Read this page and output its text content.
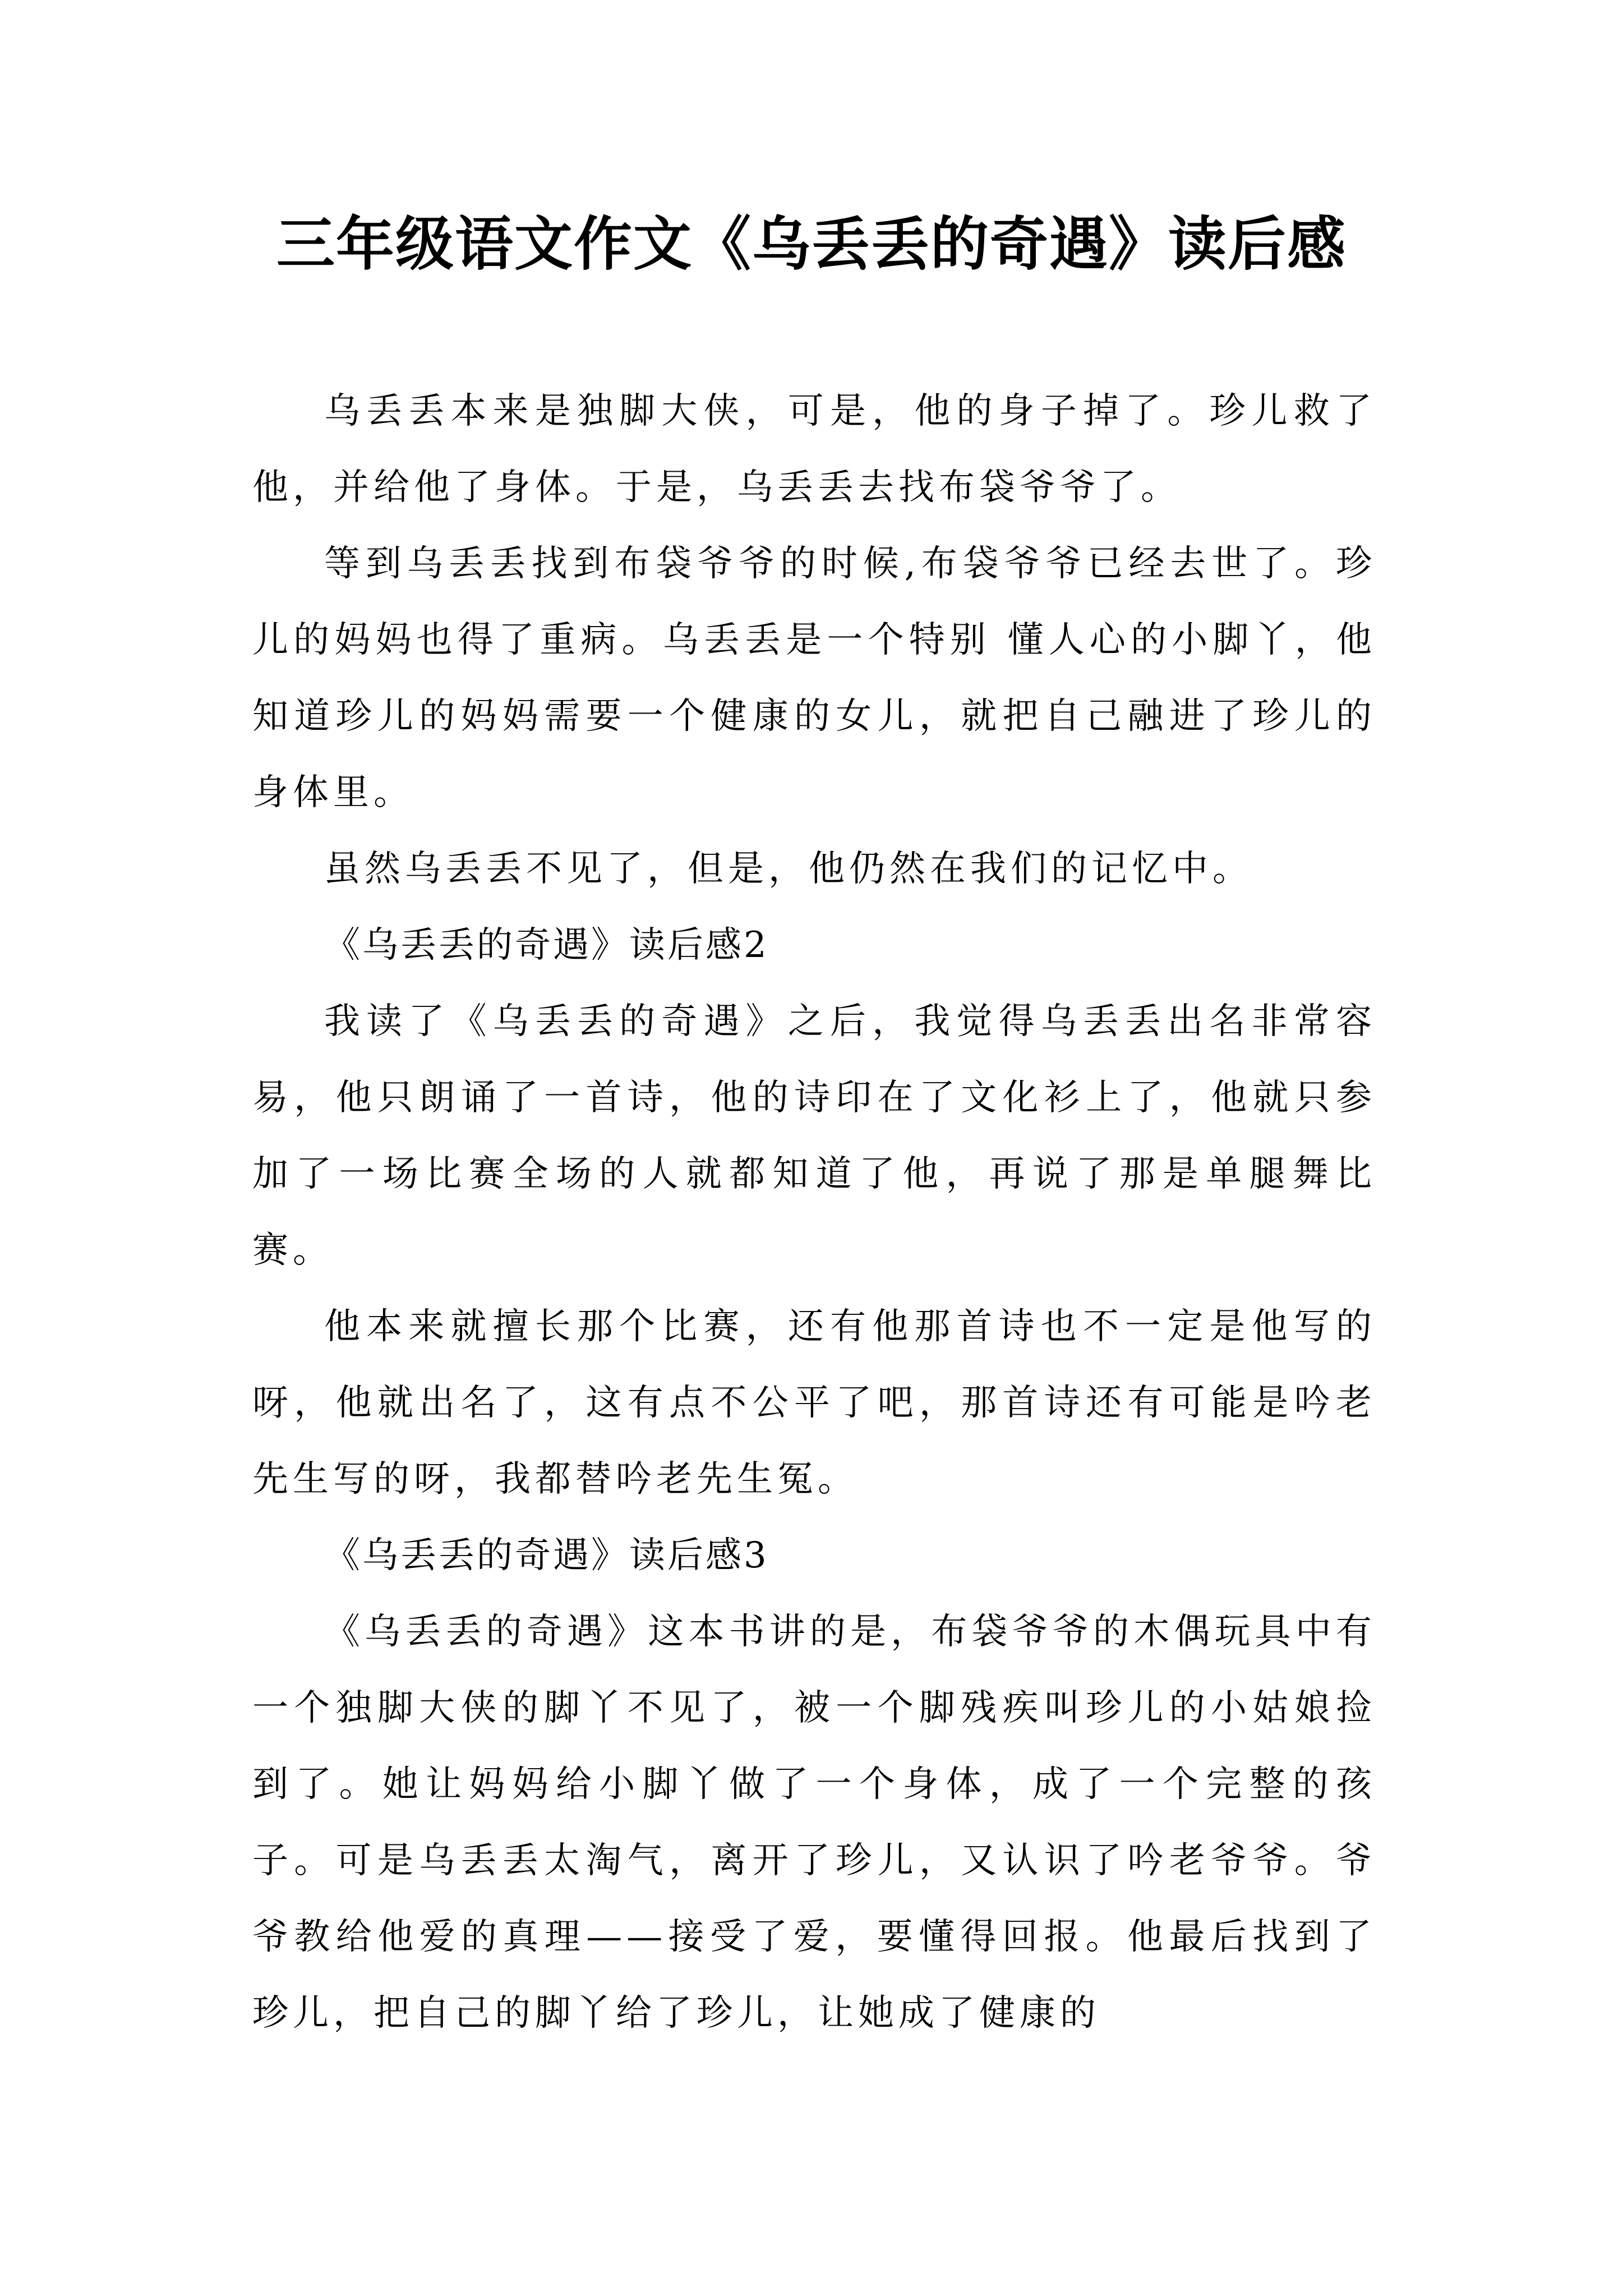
三年级语文作文《乌丢丢的奇遇》读后感

乌丢丢本来是独脚大侠，可是，他的身子掉了。珍儿救了他，并给他了身体。于是，乌丢丢去找布袋爷爷了。

等到乌丢丢找到布袋爷爷的时候,布袋爷爷已经去世了。珍儿的妈妈也得了重病。乌丢丢是一个特别 懂人心的小脚丫，他知道珍儿的妈妈需要一个健康的女儿，就把自己融进了珍儿的身体里。

虽然乌丢丢不见了，但是，他仍然在我们的记忆中。

《乌丢丢的奇遇》读后感2

我读了《乌丢丢的奇遇》之后，我觉得乌丢丢出名非常容易，他只朗诵了一首诗，他的诗印在了文化衫上了，他就只参加了一场比赛全场的人就都知道了他，再说了那是单腿舞比赛。

他本来就擅长那个比赛，还有他那首诗也不一定是他写的呀，他就出名了，这有点不公平了吧，那首诗还有可能是吟老先生写的呀，我都替吟老先生冤。

《乌丢丢的奇遇》读后感3

《乌丢丢的奇遇》这本书讲的是，布袋爷爷的木偶玩具中有一个独脚大侠的脚丫不见了，被一个脚残疾叫珍儿的小姑娘捡到了。她让妈妈给小脚丫做了一个身体，成了一个完整的孩子。可是乌丢丢太淘气，离开了珍儿，又认识了吟老爷爷。爷爷教给他爱的真理——接受了爱，要懂得回报。他最后找到了珍儿，把自己的脚丫给了珍儿，让她成了健康的
